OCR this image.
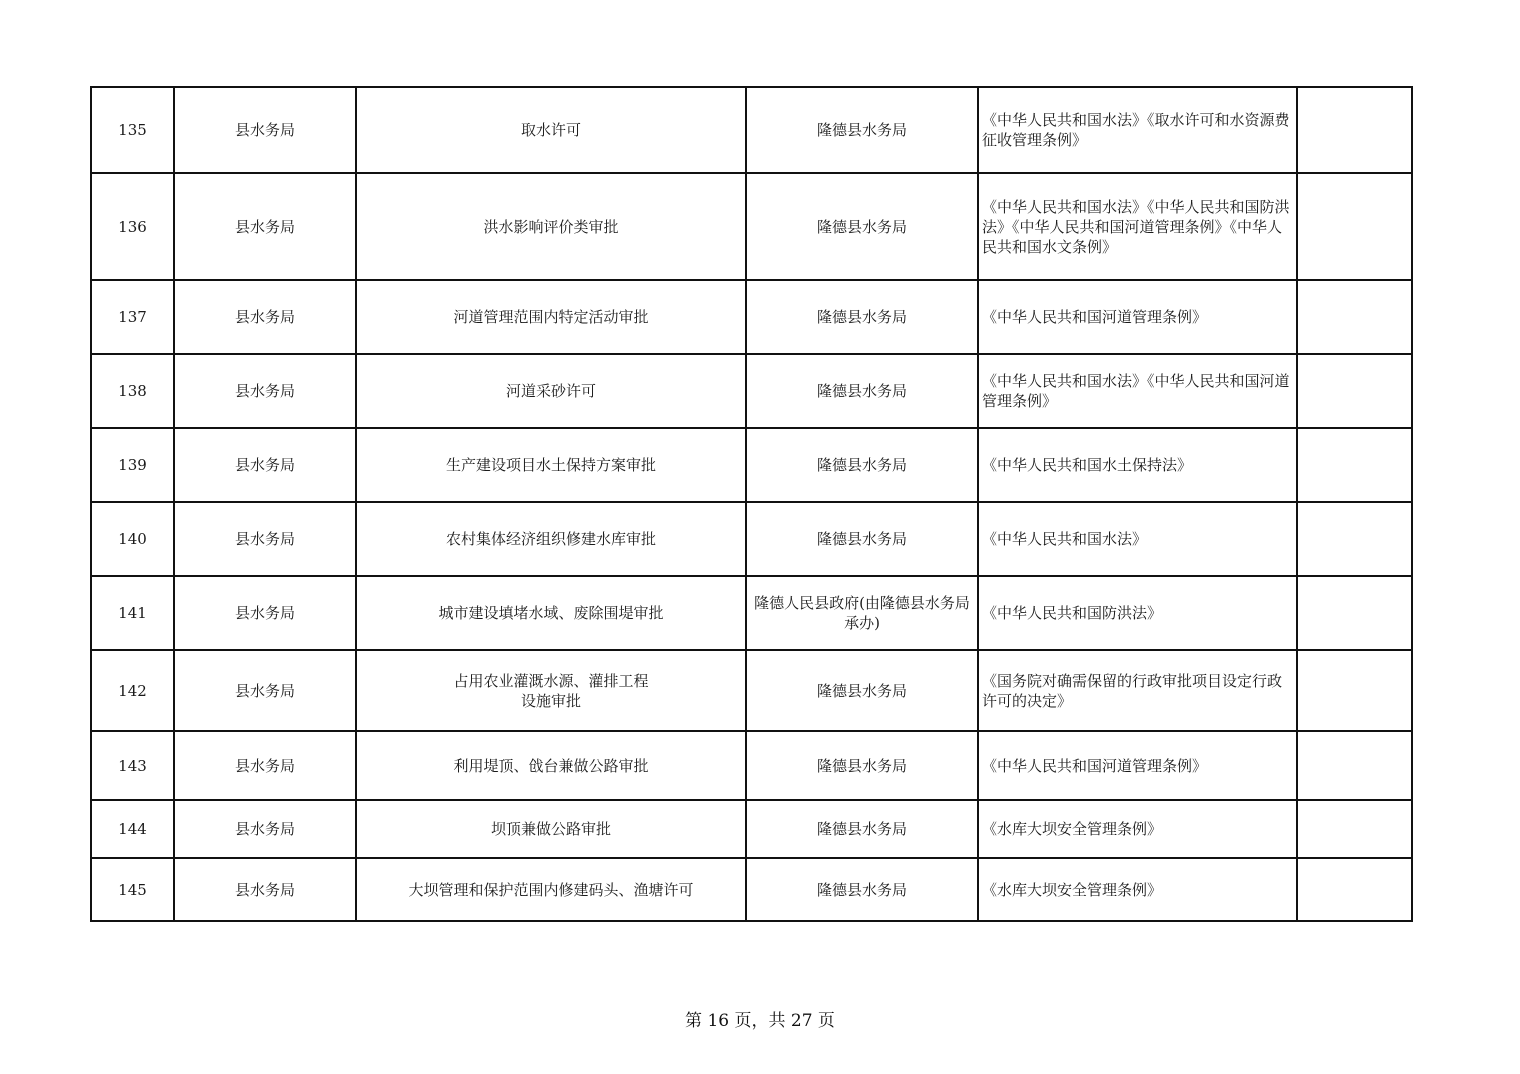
135	县水务局	取水许可	隆德县水务局	《中华人民共和国水法》《取水许可和水资源费征收管理条例》	
136	县水务局	洪水影响评价类审批	隆德县水务局	《中华人民共和国水法》《中华人民共和国防洪法》《中华人民共和国河道管理条例》《中华人民共和国水文条例》	
137	县水务局	河道管理范围内特定活动审批	隆德县水务局	《中华人民共和国河道管理条例》	
138	县水务局	河道采砂许可	隆德县水务局	《中华人民共和国水法》《中华人民共和国河道管理条例》	
139	县水务局	生产建设项目水土保持方案审批	隆德县水务局	《中华人民共和国水土保持法》	
140	县水务局	农村集体经济组织修建水库审批	隆德县水务局	《中华人民共和国水法》	
141	县水务局	城市建设填堵水域、废除围堤审批	隆德人民县政府(由隆德县水务局承办)	《中华人民共和国防洪法》	
142	县水务局	占用农业灌溉水源、灌排工程设施审批	隆德县水务局	《国务院对确需保留的行政审批项目设定行政许可的决定》	
143	县水务局	利用堤顶、戗台兼做公路审批	隆德县水务局	《中华人民共和国河道管理条例》	
144	县水务局	坝顶兼做公路审批	隆德县水务局	《水库大坝安全管理条例》	
145	县水务局	大坝管理和保护范围内修建码头、渔塘许可	隆德县水务局	《水库大坝安全管理条例》	
第 16 页，共 27 页
